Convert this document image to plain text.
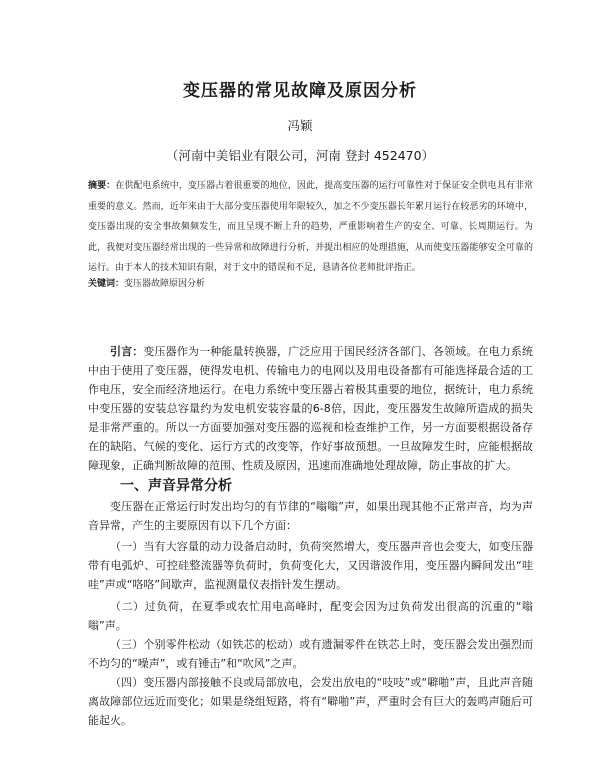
变压器的常见故障及原因分析
冯颖
（河南中美铝业有限公司，河南 登封 452470）
摘要：在供配电系统中，变压器占着很重要的地位，因此，提高变压器的运行可靠性对于保证安全供电具有非常重要的意义。然而，近年来由于大部分变压器使用年限较久，加之不少变压器长年累月运行在较恶劣的环境中，变压器出现的安全事故频频发生，而且呈现不断上升的趋势，严重影响着生产的安全、可靠、长周期运行。为此，我便对变压器经常出现的一些异常和故障进行分析，并提出相应的处理措施，从而使变压器能够安全可靠的运行。由于本人的技术知识有限，对于文中的错误和不足，恳请各位老师批评指正。
关键词：变压器故障原因分析
引言：变压器作为一种能量转换器，广泛应用于国民经济各部门、各领域。在电力系统中由于使用了变压器，使得发电机、传输电力的电网以及用电设备都有可能选择最合适的工作电压，安全而经济地运行。在电力系统中变压器占着极其重要的地位，据统计，电力系统中变压器的安装总容量约为发电机安装容量的6-8倍，因此，变压器发生故障所造成的损失是非常严重的。所以一方面要加强对变压器的巡视和检查维护工作，另一方面要根据设备存在的缺陷、气候的变化、运行方式的改变等，作好事故预想。一旦故障发生时，应能根据故障现象，正确判断故障的范围、性质及原因，迅速而准确地处理故障，防止事故的扩大。
一、声音异常分析
变压器在正常运行时发出均匀的有节律的“嗡嗡”声，如果出现其他不正常声音，均为声音异常，产生的主要原因有以下几个方面：
（一）当有大容量的动力设备启动时，负荷突然增大，变压器声音也会变大，如变压器带有电弧炉、可控硅整流器等负荷时，负荷变化大，又因谐波作用，变压器内瞬间发出“哇哇”声或“咯咯”间歇声，监视测量仪表指针发生摆动。
（二）过负荷，在夏季或农忙用电高峰时，配变会因为过负荷发出很高的沉重的“嗡嗡”声。
（三）个别零件松动（如铁芯的松动）或有遗漏零件在铁芯上时，变压器会发出强烈而不均匀的“噪声”，或有锤击”和“吹风”之声。
（四）变压器内部接触不良或局部放电，会发出放电的“吱吱”或“噼啪”声，且此声音随离故障部位远近而变化；如果是绕组短路，将有“噼啪”声，严重时会有巨大的轰鸣声随后可能起火。
